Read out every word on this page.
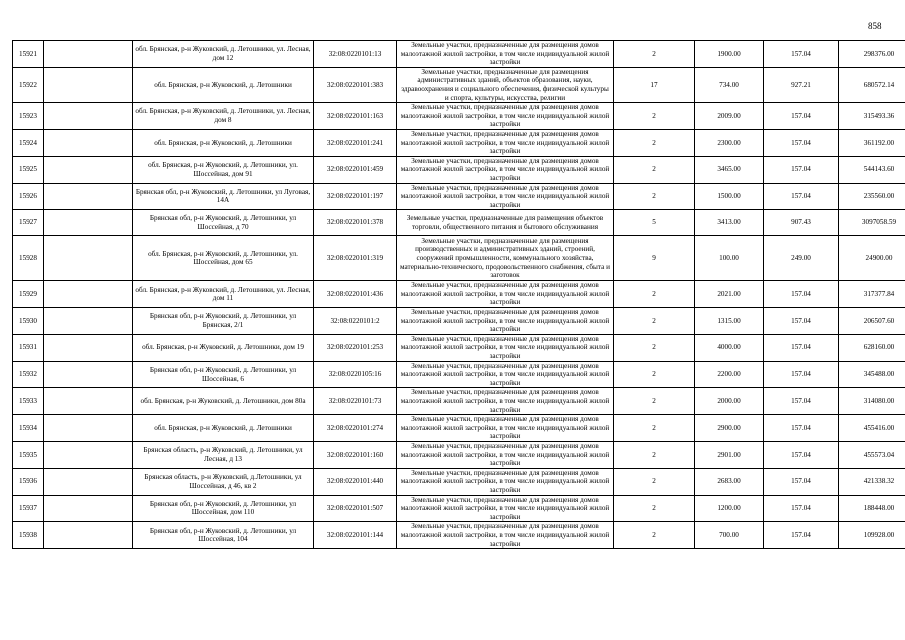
858
15921		обл. Брянская, р-н Жуковский, д. Летошники, ул. Лесная, дом 12	32:08:0220101:13	Земельные участки, предназначенные для размещения домов малоэтажной жилой застройки, в том числе индивидуальной жилой застройки	2	1900.00	157.04	298376.00
15922		обл. Брянская, р-н Жуковский, д. Летошники	32:08:0220101:383	Земельные участки, предназначенные для размещения административных зданий, объектов образования, науки, здравоохранения и социального обеспечения, физической культуры и спорта, культуры, искусства, религии	17	734.00	927.21	680572.14
15923		обл. Брянская, р-н Жуковский, д. Летошники, ул. Лесная, дом 8	32:08:0220101:163	Земельные участки, предназначенные для размещения домов малоэтажной жилой застройки, в том числе индивидуальной жилой застройки	2	2009.00	157.04	315493.36
15924		обл. Брянская, р-н Жуковский, д. Летошники	32:08:0220101:241	Земельные участки, предназначенные для размещения домов малоэтажной жилой застройки, в том числе индивидуальной жилой застройки	2	2300.00	157.04	361192.00
15925		обл. Брянская, р-н Жуковский, д. Летошники, ул. Шоссейная, дом 91	32:08:0220101:459	Земельные участки, предназначенные для размещения домов малоэтажной жилой застройки, в том числе индивидуальной жилой застройки	2	3465.00	157.04	544143.60
15926		Брянская обл, р-н Жуковский, д. Летошники, ул Луговая, 14А	32:08:0220101:197	Земельные участки, предназначенные для размещения домов малоэтажной жилой застройки, в том числе индивидуальной жилой застройки	2	1500.00	157.04	235560.00
15927		Брянская обл, р-н Жуковский, д. Летошники, ул Шоссейная, д 70	32:08:0220101:378	Земельные участки, предназначенные для размещения объектов торговли, общественного питания и бытового обслуживания	5	3413.00	907.43	3097058.59
15928		обл. Брянская, р-н Жуковский, д. Летошники, ул. Шоссейная, дом 65	32:08:0220101:319	Земельные участки, предназначенные для размещения производственных и административных зданий, строений, сооружений промышленности, коммунального хозяйства, материально-технического, продовольственного снабжения, сбыта и заготовок	9	100.00	249.00	24900.00
15929		обл. Брянская, р-н Жуковский, д. Летошники, ул. Лесная, дом 11	32:08:0220101:436	Земельные участки, предназначенные для размещения домов малоэтажной жилой застройки, в том числе индивидуальной жилой застройки	2	2021.00	157.04	317377.84
15930		Брянская обл, р-н Жуковский, д. Летошники, ул Брянская, 2/1	32:08:0220101:2	Земельные участки, предназначенные для размещения домов малоэтажной жилой застройки, в том числе индивидуальной жилой застройки	2	1315.00	157.04	206507.60
15931		обл. Брянская, р-н Жуковский, д. Летошники, дом 19	32:08:0220101:253	Земельные участки, предназначенные для размещения домов малоэтажной жилой застройки, в том числе индивидуальной жилой застройки	2	4000.00	157.04	628160.00
15932		Брянская обл, р-н Жуковский, д. Летошники, ул Шоссейная, 6	32:08:0220105:16	Земельные участки, предназначенные для размещения домов малоэтажной жилой застройки, в том числе индивидуальной жилой застройки	2	2200.00	157.04	345488.00
15933		обл. Брянская, р-н Жуковский, д. Летошники, дом 80а	32:08:0220101:73	Земельные участки, предназначенные для размещения домов малоэтажной жилой застройки, в том числе индивидуальной жилой застройки	2	2000.00	157.04	314080.00
15934		обл. Брянская, р-н Жуковский, д. Летошники	32:08:0220101:274	Земельные участки, предназначенные для размещения домов малоэтажной жилой застройки, в том числе индивидуальной жилой застройки	2	2900.00	157.04	455416.00
15935		Брянская область, р-н Жуковский, д. Летошники, ул Лесная, д 13	32:08:0220101:160	Земельные участки, предназначенные для размещения домов малоэтажной жилой застройки, в том числе индивидуальной жилой застройки	2	2901.00	157.04	455573.04
15936		Брянская область, р-н Жуковский, д.Летошники, ул Шоссейная, д 46, кв 2	32:08:0220101:440	Земельные участки, предназначенные для размещения домов малоэтажной жилой застройки, в том числе индивидуальной жилой застройки	2	2683.00	157.04	421338.32
15937		Брянская обл, р-н Жуковский, д. Летошники, ул Шоссейная, дом 110	32:08:0220101:507	Земельные участки, предназначенные для размещения домов малоэтажной жилой застройки, в том числе индивидуальной жилой застройки	2	1200.00	157.04	188448.00
15938		Брянская обл, р-н Жуковский, д. Летошники, ул Шоссейная, 104	32:08:0220101:144	Земельные участки, предназначенные для размещения домов малоэтажной жилой застройки, в том числе индивидуальной жилой застройки	2	700.00	157.04	109928.00
